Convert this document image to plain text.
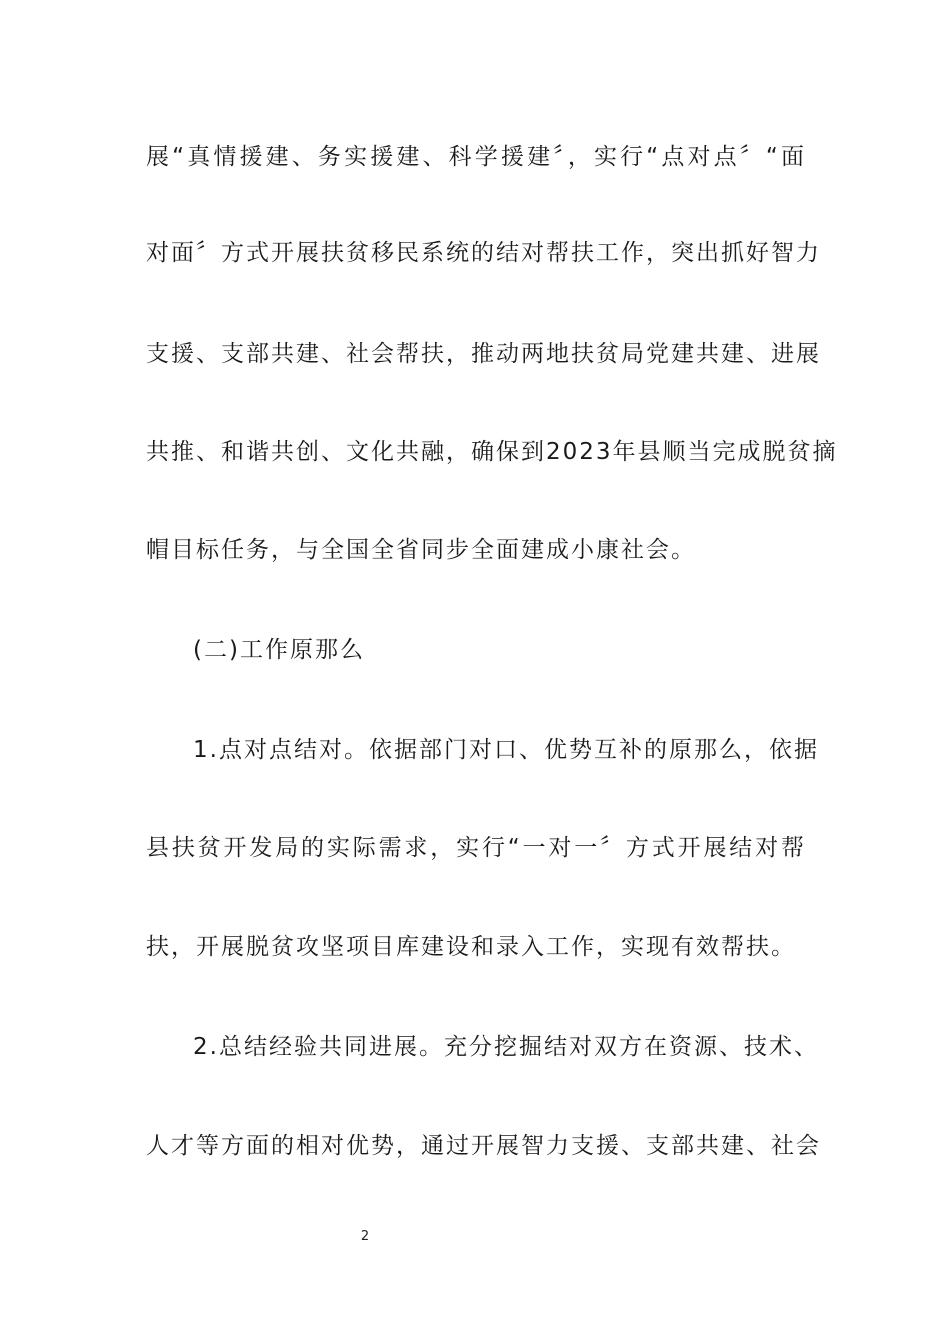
展“真情援建、务实援建、科学援建〞，实行“点对点〞“面
对面〞方式开展扶贫移民系统的结对帮扶工作，突出抓好智力
支援、支部共建、社会帮扶，推动两地扶贫局党建共建、进展
共推、和谐共创、文化共融，确保到2023年县顺当完成脱贫摘
帽目标任务，与全国全省同步全面建成小康社会。
(二)工作原那么
1.点对点结对。依据部门对口、优势互补的原那么，依据
县扶贫开发局的实际需求，实行“一对一〞方式开展结对帮
扶，开展脱贫攻坚项目库建设和录入工作，实现有效帮扶。
2.总结经验共同进展。充分挖掘结对双方在资源、技术、
人才等方面的相对优势，通过开展智力支援、支部共建、社会
2
